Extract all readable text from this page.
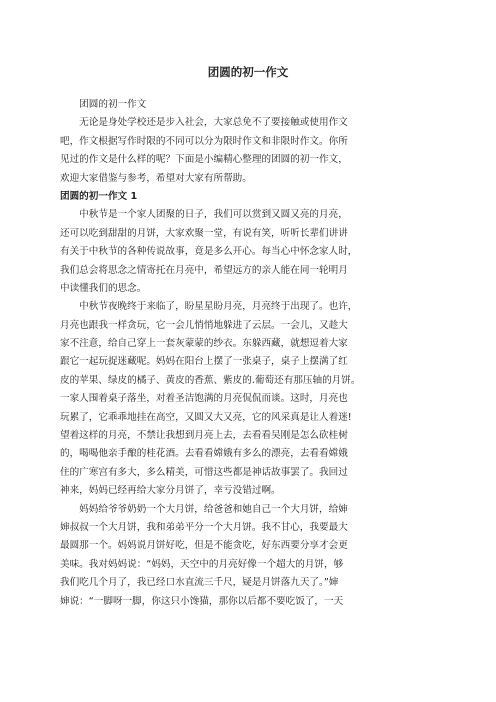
团圆的初一作文
　　团圆的初一作文
　　无论是身处学校还是步入社会，大家总免不了要接触或使用作文
吧，作文根据写作时限的不同可以分为限时作文和非限时作文。你所
见过的作文是什么样的呢？下面是小编精心整理的团圆的初一作文，
欢迎大家借鉴与参考，希望对大家有所帮助。
团圆的初一作文 1
　　中秋节是一个家人团聚的日子，我们可以赏到又圆又亮的月亮，
还可以吃到甜甜的月饼，大家欢聚一堂，有说有笑，听听长辈们讲讲
有关于中秋节的各种传说故事，竟是多么开心。每当心中怀念家人时，
我们总会将思念之情寄托在月亮中，希望远方的亲人能在同一轮明月
中读懂我们的思念。
　　中秋节夜晚终于来临了，盼星星盼月亮，月亮终于出现了。也许，
月亮也跟我一样贪玩，它一会儿悄悄地躲进了云层。一会儿，又趁大
家不注意，给自己穿上一套灰蒙蒙的纱衣。东躲西藏，就想逗着大家
跟它一起玩捉迷藏呢。妈妈在阳台上摆了一张桌子，桌子上摆满了红
皮的苹果、绿皮的橘子、黄皮的香蕉、紫皮的.葡萄还有那压轴的月饼。
一家人围着桌子落坐，对着圣洁饱满的月亮侃侃而谈。这时，月亮也
玩累了，它乖乖地挂在高空，又圆又大又亮，它的风采真是让人着迷!
望着这样的月亮，不禁让我想到月亮上去，去看看吴刚是怎么砍桂树
的，喝喝他亲手酿的桂花酒。去看看嫦娥有多么的漂亮，去看看嫦娥
住的广寒宫有多大，多么精美，可惜这些都是神话故事罢了。我回过
神来，妈妈已经再给大家分月饼了，幸亏没错过啊。
　　妈妈给爷爷奶奶一个大月饼，给爸爸和她自己一个大月饼，给婶
婶叔叔一个大月饼，我和弟弟平分一个大月饼。我不甘心，我要最大
最圆那一个。妈妈说月饼好吃，但是不能贪吃，好东西要分享才会更
美味。我对妈妈说：“妈妈，天空中的月亮好像一个超大的月饼，够
我们吃几个月了，我已经口水直流三千尺，疑是月饼落九天了。”婶
婶说：“一脚呀一脚，你这只小馋猫，那你以后都不要吃饭了，一天
